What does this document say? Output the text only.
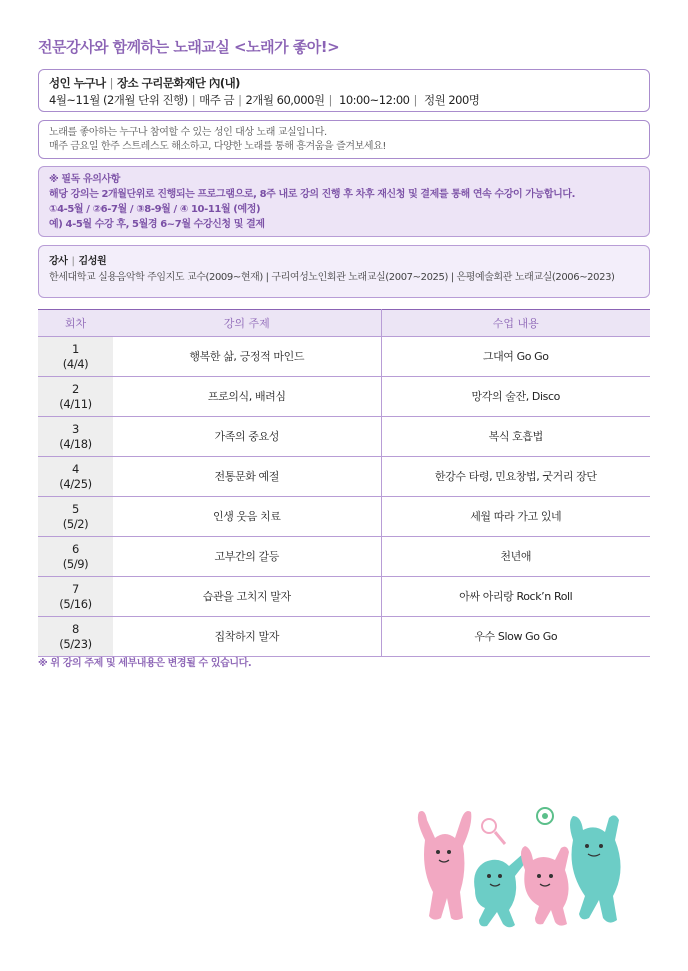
전문강사와 함께하는 노래교실 <노래가 좋아!>
성인 누구나 | 장소 구리문화재단 內(내)
4월~11월 (2개월 단위 진행) | 매주 금 | 2개월 60,000원 | 10:00~12:00 | 정원 200명
노래를 좋아하는 누구나 참여할 수 있는 성인 대상 노래 교실입니다.
매주 금요일 한주 스트레스도 해소하고, 다양한 노래를 통해 흥겨움을 즐겨보세요!
※ 필독 유의사항
해당 강의는 2개월단위로 진행되는 프로그램으로, 8주 내로 강의 진행 후 차후 재신청 및 결제를 통해 연속 수강이 가능합니다.
①4-5월 / ②6-7월 / ③8-9월 / ④ 10-11월 (예정)
예) 4-5월 수강 후, 5월경 6~7월 수강신청 및 결제
강사 | 김성원
한세대학교 실용음악학 주임지도 교수(2009~현재) | 구리여성노인회관 노래교실(2007~2025) | 은평예술회관 노래교실(2006~2023)
회차	강의 주제	수업 내용

1
(4/4)	행복한 삶, 긍정적 마인드	그대여 Go Go

2
(4/11)	프로의식, 배려심	망각의 술잔, Disco

3
(4/18)	가족의 중요성	복식 호흡법

4
(4/25)	전통문화 예절	한강수 타령, 민요창법, 굿거리 장단

5
(5/2)	인생 웃음 치료	세월 따라 가고 있네

6
(5/9)	고부간의 갈등	천년애

7
(5/16)	습관을 고치지 말자	아싸 아리랑 Rock’n Roll

8
(5/23)	집착하지 말자	우수 Slow Go Go
※ 위 강의 주제 및 세부내용은 변경될 수 있습니다.
